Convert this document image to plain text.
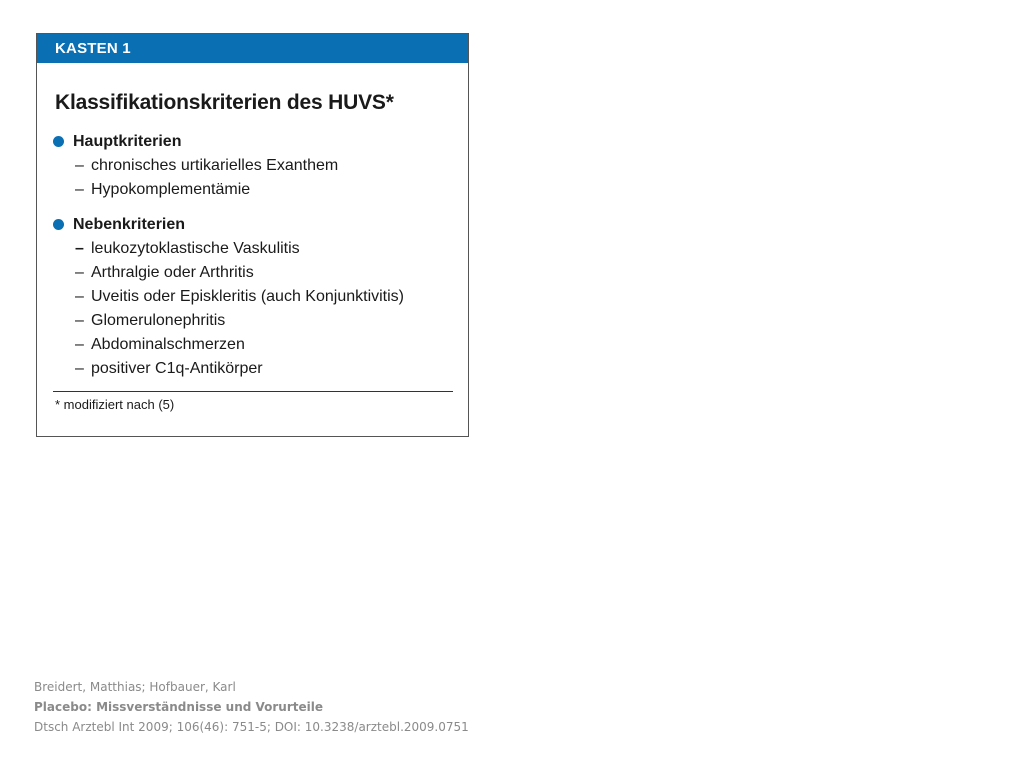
KASTEN 1
Klassifikationskriterien des HUVS*
Hauptkriterien
– chronisches urtikarielles Exanthem
– Hypokomplementämie
Nebenkriterien
– leukozytoklastische Vaskulitis
– Arthralgie oder Arthritis
– Uveitis oder Episkleritis (auch Konjunktivitis)
– Glomerulonephritis
– Abdominalschmerzen
– positiver C1q-Antikörper
* modifiziert nach (5)
Breidert, Matthias; Hofbauer, Karl
Placebo: Missverständnisse und Vorurteile
Dtsch Arztebl Int 2009; 106(46): 751-5; DOI: 10.3238/arztebl.2009.0751
